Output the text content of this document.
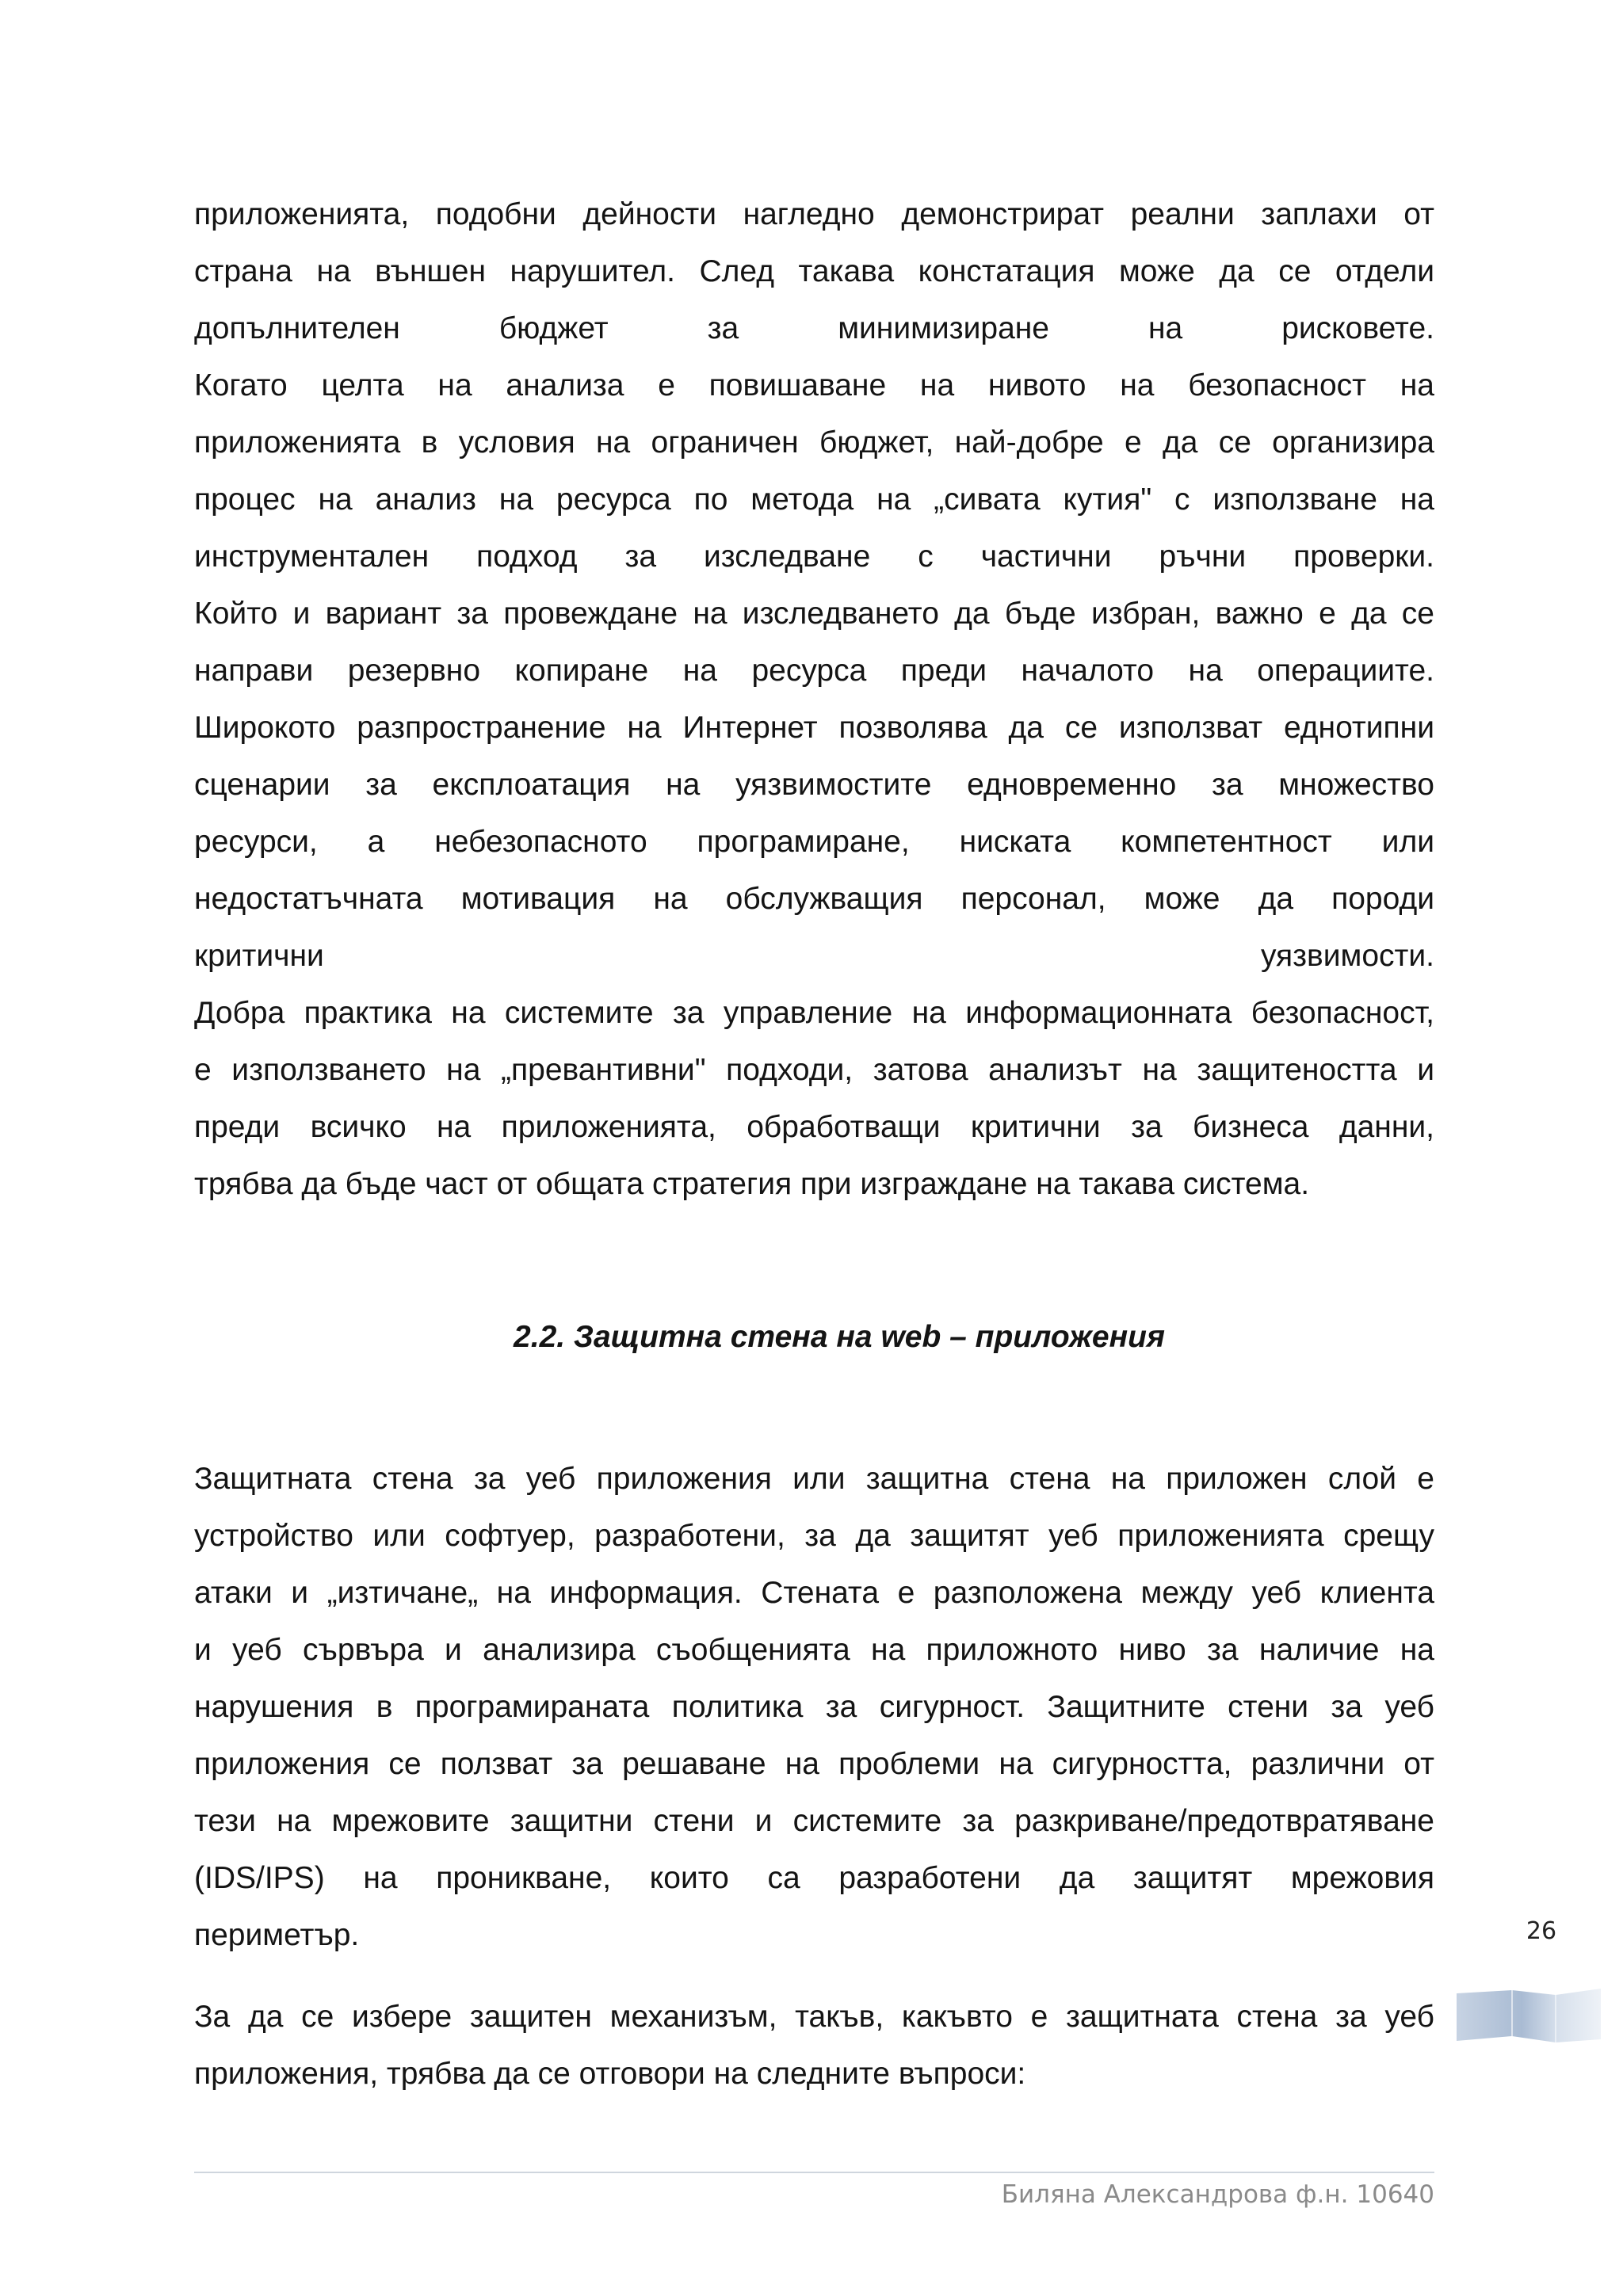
приложенията, подобни дейности нагледно демонстрират реални заплахи от
страна на външен нарушител. След такава констатация може да се отдели
допълнителен бюджет за минимизиране на рисковете.
Когато целта на анализа е повишаване на нивото на безопасност на
приложенията в условия на ограничен бюджет, най-добре е да се организира
процес на анализ на ресурса по метода на „сивата кутия" с използване на
инструментален подход за изследване с частични ръчни проверки.
Който и вариант за провеждане на изследването да бъде избран, важно е да се
направи резервно копиране на ресурса преди началото на операциите.
Широкото разпространение на Интернет позволява да се използват еднотипни
сценарии за експлоатация на уязвимостите едновременно за множество
ресурси, а небезопасното програмиране, ниската компетентност или
недостатъчната мотивация на обслужващия персонал, може да породи
критични уязвимости.
Добра практика на системите за управление на информационната безопасност,
е използването на „превантивни" подходи, затова анализът на защитеността и
преди всичко на приложенията, обработващи критични за бизнеса данни,
трябва да бъде част от общата стратегия при изграждане на такава система.
2.2. Защитна стена на web – приложения
Защитната стена за уеб приложения или защитна стена на приложен слой е
устройство или софтуер, разработени, за да защитят уеб приложенията срещу
атаки и „изтичане„ на информация. Стената е разположена между уеб клиента
и уеб сървъра и анализира съобщенията на приложното ниво за наличие на
нарушения в програмираната политика за сигурност. Защитните стени за уеб
приложения се ползват за решаване на проблеми на сигурността, различни от
тези на мрежовите защитни стени и системите за разкриване/предотвратяване
(IDS/IPS) на проникване, които са разработени да защитят мрежовия
периметър.
За да се избере защитен механизъм, такъв, какъвто е защитната стена за уеб
приложения, трябва да се отговори на следните въпроси:
26
Биляна Александрова ф.н. 10640
